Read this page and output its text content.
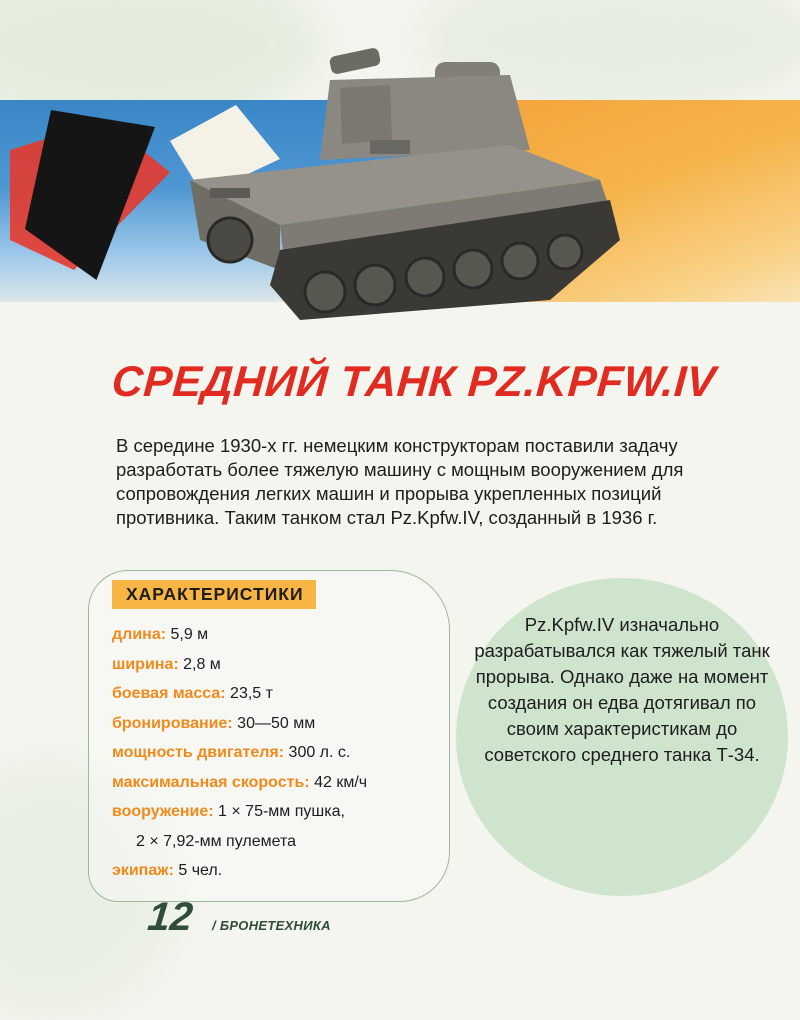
СРЕДНИЙ ТАНК PZ.KPFW.IV

В середине 1930-х гг. немецким конструкторам поставили задачу разработать более тяжелую машину с мощным вооружением для сопровождения легких машин и прорыва укрепленных позиций противника. Таким танком стал Pz.Kpfw.IV, созданный в 1936 г.

ХАРАКТЕРИСТИКИ
длина: 5,9 м
ширина: 2,8 м
боевая масса: 23,5 т
бронирование: 30—50 мм
мощность двигателя: 300 л. с.
максимальная скорость: 42 км/ч
вооружение: 1 × 75-мм пушка,
2 × 7,92-мм пулемета
экипаж: 5 чел.

Pz.Kpfw.IV изначально разрабатывался как тяжелый танк прорыва. Однако даже на момент создания он едва дотягивал по своим характеристикам до советского среднего танка Т-34.

12 / БРОНЕТЕХНИКА
